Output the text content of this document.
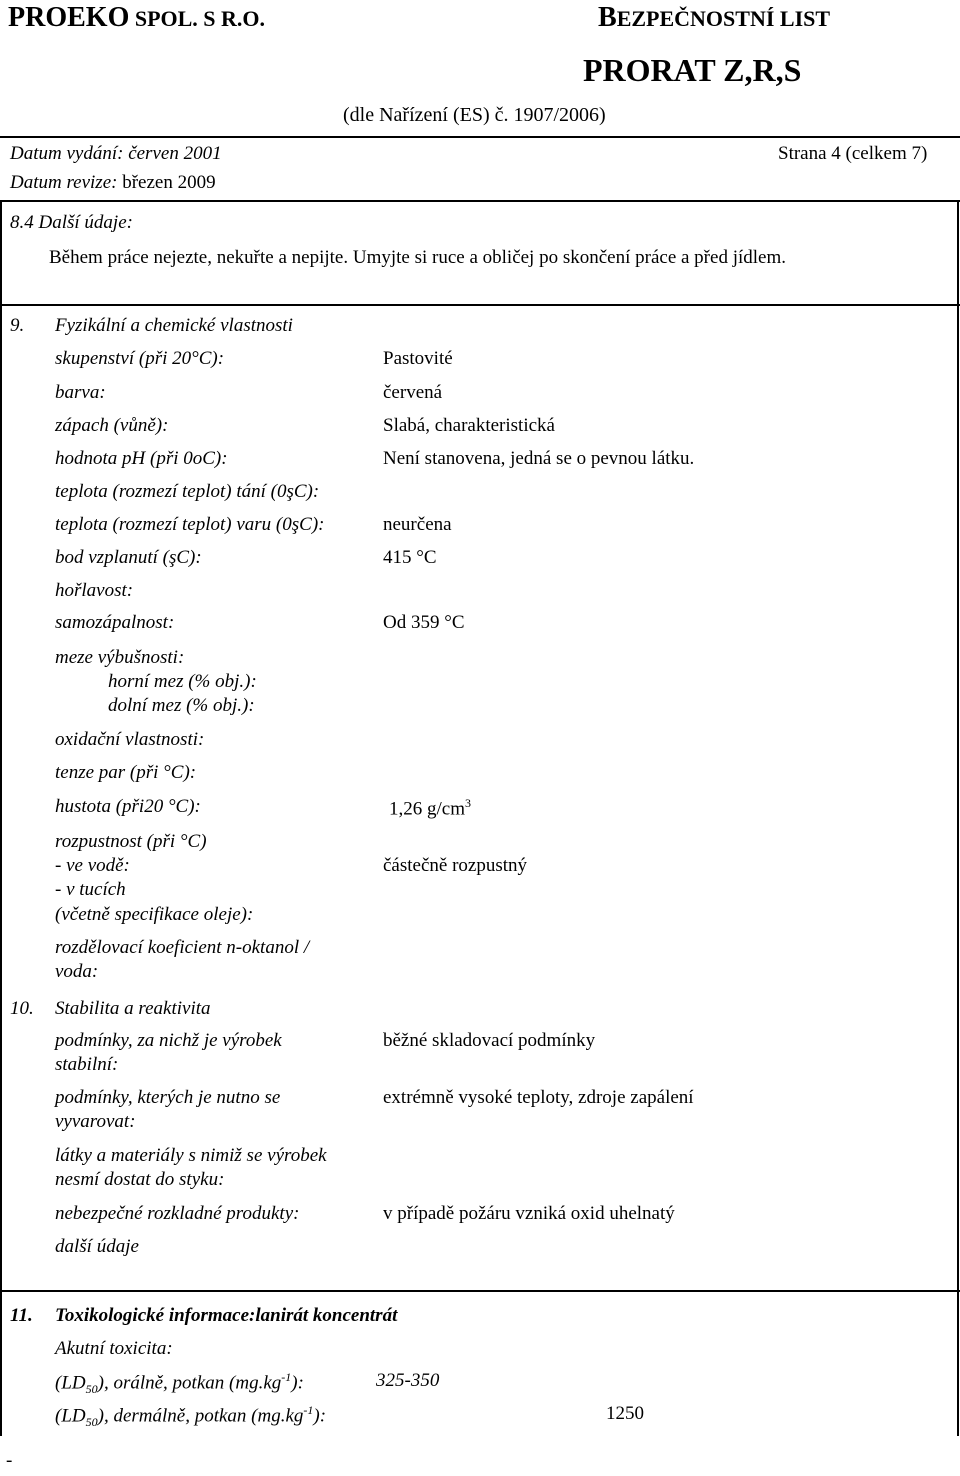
PROEKO SPOL. S R.O.	BEZPEČNOSTNÍ LIST
PRORAT Z,R,S
(dle Nařízení (ES) č. 1907/2006)
Datum vydání: červen 2001	Strana 4 (celkem 7)
Datum revize: březen 2009
8.4 Další údaje:
Během práce nejezte, nekuřte a nepijte. Umyjte si ruce a obličej po skončení práce a před jídlem.
9. Fyzikální a chemické vlastnosti
skupenství (při 20°C):	Pastovité
barva:	červená
zápach (vůně):	Slabá, charakteristická
hodnota pH (při 0oC):	Není stanovena, jedná se o pevnou látku.
teplota (rozmezí teplot) tání (0şC):
teplota (rozmezí teplot) varu (0şC):	neurčena
bod vzplanutí (şC):	415 °C
hořlavost:
samozápalnost:	Od 359 °C
meze výbušnosti:
horní mez (% obj.):
dolní mez (% obj.):
oxidační vlastnosti:
tenze par (při °C):
hustota (při20 °C):	1,26 $g/cm^3$
rozpustnost (při °C)
- ve vodě:	částečně rozpustný
- v tucích
(včetně specifikace oleje):
rozdělovací koeficient n-oktanol /
voda:
10. Stabilita a reaktivita
podmínky, za nichž je výrobek
stabilní:
běžné skladovací podmínky
podmínky, kterých je nutno se
vyvarovat:
extrémně vysoké teploty, zdroje zapálení
látky a materiály s nimiž se výrobek
nesmí dostat do styku:
nebezpečné rozkladné produkty:	v případě požáru vzniká oxid uhelnatý
další údaje
11. Toxikologické informace:lanirát koncentrát
Akutní toxicita:
$(LD_{50})$, orálně, potkan $(mg.kg^{-1})$:	325-350
$(LD_{50})$, dermálně, potkan $(mg.kg^{-1})$:	1250
-
